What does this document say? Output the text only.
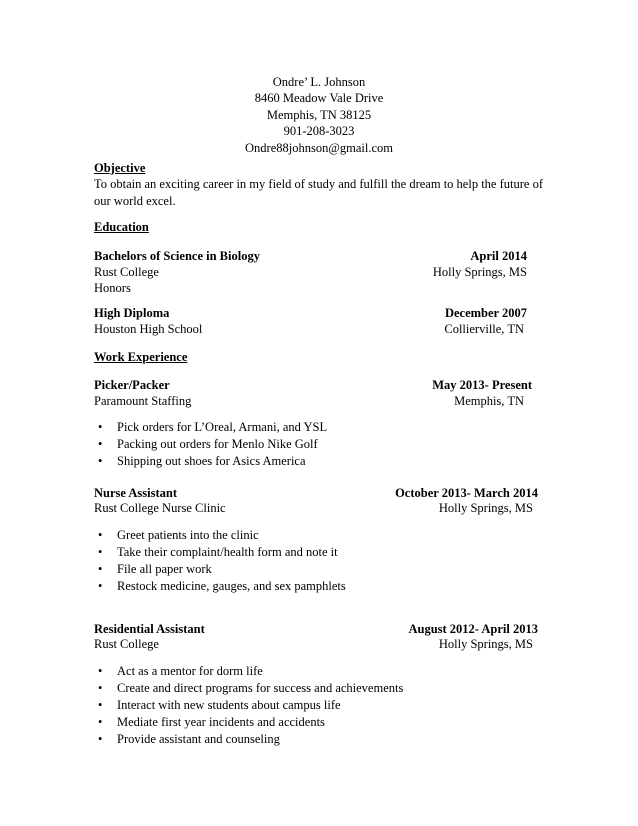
Ondre’ L. Johnson
8460 Meadow Vale Drive
Memphis, TN 38125
901-208-3023
Ondre88johnson@gmail.com
Objective
To obtain an exciting career in my field of study and fulfill the dream to help the future of our world excel.
Education
Bachelors of Science in Biology	April 2014
Rust College	Holly Springs, MS
Honors
High Diploma	December 2007
Houston High School	Collierville, TN
Work Experience
Picker/Packer	May 2013- Present
Paramount Staffing	Memphis, TN
• Pick orders for L’Oreal, Armani, and YSL
• Packing out orders for Menlo Nike Golf
• Shipping out shoes for Asics America
Nurse Assistant	October 2013- March 2014
Rust College Nurse Clinic	Holly Springs, MS
• Greet patients into the clinic
• Take their complaint/health form and note it
• File all paper work
• Restock medicine, gauges, and sex pamphlets
Residential Assistant	August 2012- April 2013
Rust College	Holly Springs, MS
• Act as a mentor for dorm life
• Create and direct programs for success and achievements
• Interact with new students about campus life
• Mediate first year incidents and accidents
• Provide assistant and counseling
